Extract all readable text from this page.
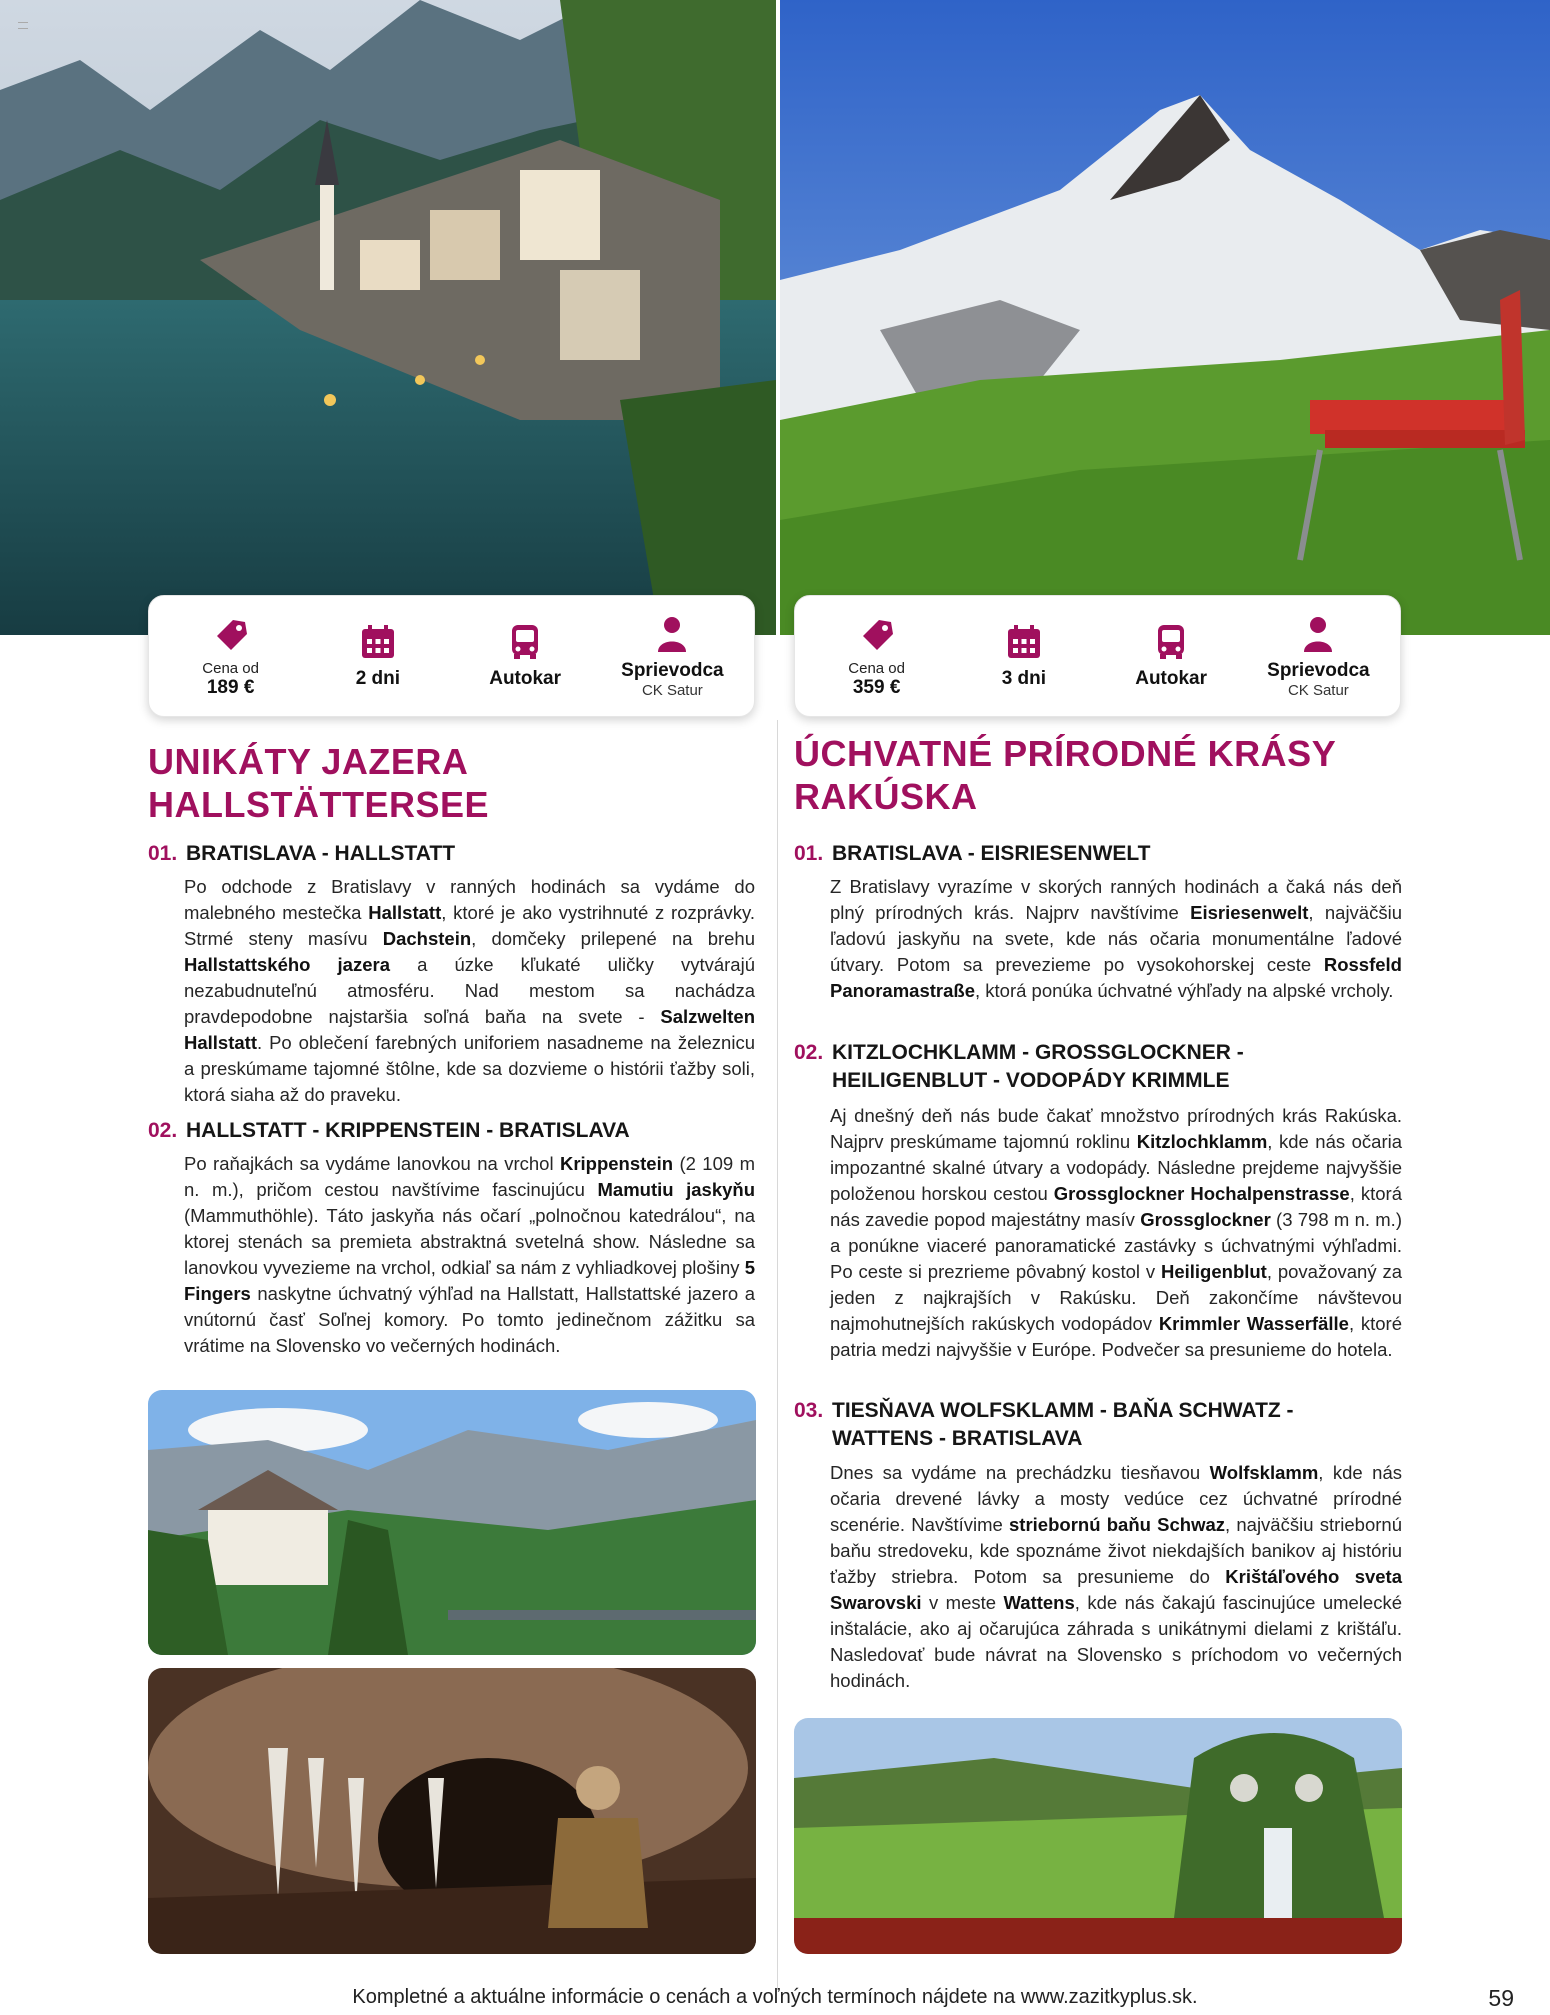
Cena od
189 €	2 dni	Autokar	Sprievodca
CK Satur
Cena od
359 €	3 dni	Autokar	Sprievodca
CK Satur
UNIKÁTY JAZERA
HALLSTÄTTERSEE
01. BRATISLAVA - HALLSTATT

Po odchode z Bratislavy v ranných hodinách sa vydáme do malebného mestečka Hallstatt, ktoré je ako vystrihnuté z rozprávky. Strmé steny masívu Dachstein, domčeky prilepené na brehu Hallstattského jazera a úzke kľukaté uličky vytvárajú nezabudnuteľnú atmosféru. Nad mestom sa nachádza pravdepodobne najstaršia soľná baňa na svete - Salzwelten Hallstatt. Po oblečení farebných uniforiem nasadneme na železnicu a preskúmame tajomné štôlne, kde sa dozvieme o histórii ťažby soli, ktorá siaha až do praveku.

02. HALLSTATT - KRIPPENSTEIN - BRATISLAVA

Po raňajkách sa vydáme lanovkou na vrchol Krippenstein (2 109 m n. m.), pričom cestou navštívime fascinujúcu Mamutiu jaskyňu (Mammuthöhle). Táto jaskyňa nás očarí „polnočnou katedrálou“, na ktorej stenách sa premieta abstraktná svetelná show. Následne sa lanovkou vyvezieme na vrchol, odkiaľ sa nám z vyhliadkovej plošiny 5 Fingers naskytne úchvatný výhľad na Hallstatt, Hallstattské jazero a vnútornú časť Soľnej komory. Po tomto jedinečnom zážitku sa vrátime na Slovensko vo večerných hodinách.

ÚCHVATNÉ PRÍRODNÉ KRÁSY
RAKÚSKA
01. BRATISLAVA - EISRIESENWELT

Z Bratislavy vyrazíme v skorých ranných hodinách a čaká nás deň plný prírodných krás. Najprv navštívime Eisriesenwelt, najväčšiu ľadovú jaskyňu na svete, kde nás očaria monumentálne ľadové útvary. Potom sa prevezieme po vysokohorskej ceste Rossfeld Panoramastraße, ktorá ponúka úchvatné výhľady na alpské vrcholy.

02. KITZLOCHKLAMM - GROSSGLOCKNER - HEILIGENBLUT - VODOPÁDY KRIMMLE

Aj dnešný deň nás bude čakať množstvo prírodných krás Rakúska. Najprv preskúmame tajomnú roklinu Kitzlochklamm, kde nás očaria impozantné skalné útvary a vodopády. Následne prejdeme najvyššie položenou horskou cestou Grossglockner Hochalpenstrasse, ktorá nás zavedie popod majestátny masív Grossglockner (3 798 m n. m.) a ponúkne viaceré panoramatické zastávky s úchvatnými výhľadmi. Po ceste si prezrieme pôvabný kostol v Heiligenblut, považovaný za jeden z najkrajších v Rakúsku. Deň zakončíme návštevou najmohutnejších rakúskych vodopádov Krimmler Wasserfälle, ktoré patria medzi najvyššie v Európe. Podvečer sa presunieme do hotela.

03. TIESŇAVA WOLFSKLAMM - BAŇA SCHWATZ - WATTENS - BRATISLAVA

Dnes sa vydáme na prechádzku tiesňavou Wolfsklamm, kde nás očaria drevené lávky a mosty vedúce cez úchvatné prírodné scenérie. Navštívime striebornú baňu Schwaz, najväčšiu striebornú baňu stredoveku, kde spoznáme život niekdajších banikov aj históriu ťažby striebra. Potom sa presunieme do Krištáľového sveta Swarovski v meste Wattens, kde nás čakajú fascinujúce umelecké inštalácie, ako aj očarujúca záhrada s unikátnymi dielami z krištáľu. Nasledovať bude návrat na Slovensko s príchodom vo večerných hodinách.

Kompletné a aktuálne informácie o cenách a voľných termínoch nájdete na www.zazitkyplus.sk.	59
